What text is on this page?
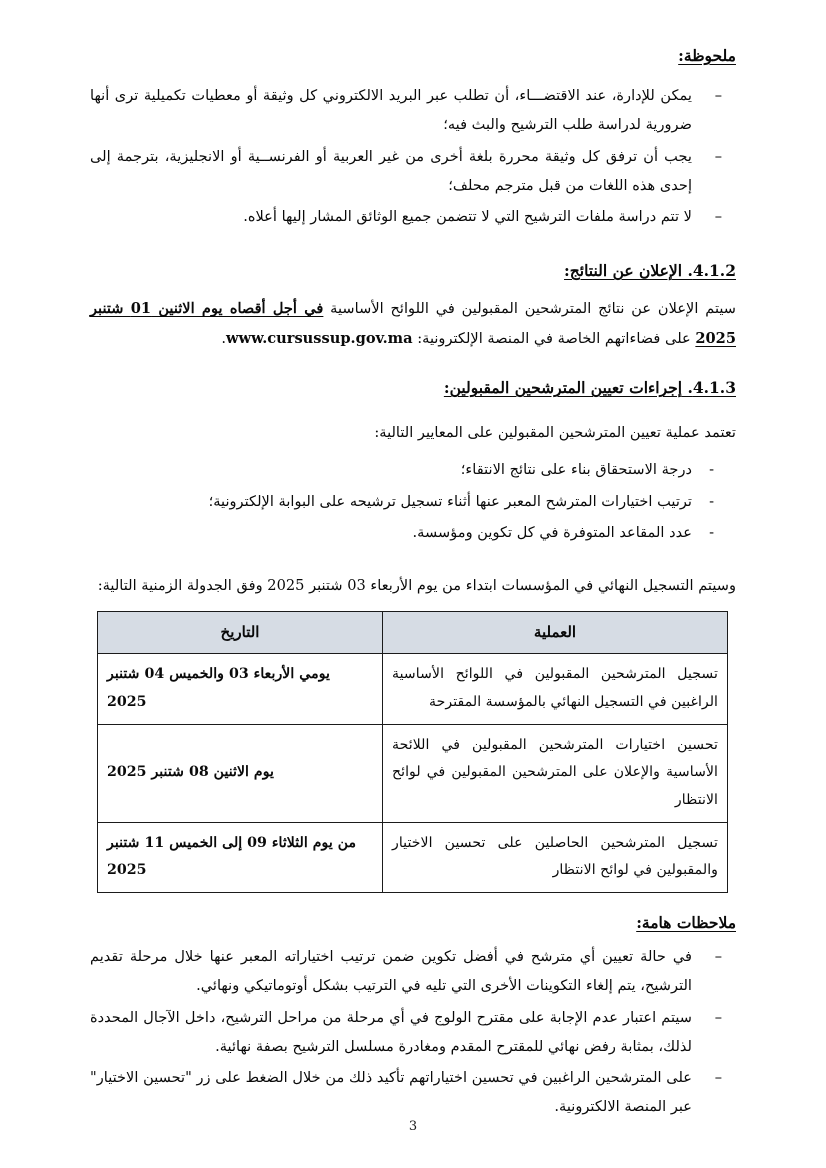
ملحوظة:
– يمكن للإدارة، عند الاقتضـــاء، أن تطلب عبر البريد الالكتروني كل وثيقة أو معطيات تكميلية ترى أنها ضرورية لدراسة طلب الترشيح والبث فيه؛
– يجب أن ترفق كل وثيقة محررة بلغة أخرى من غير العربية أو الفرنســية أو الانجليزية، بترجمة إلى إحدى هذه اللغات من قبل مترجم محلف؛
– لا تتم دراسة ملفات الترشيح التي لا تتضمن جميع الوثائق المشار إليها أعلاه.
4.1.2. الإعلان عن النتائج:

سيتم الإعلان عن نتائج المترشحين المقبولين في اللوائح الأساسية في أجل أقصاه يوم الاثنين 01 شتنبر 2025 على فضاءاتهم الخاصة في المنصة الإلكترونية: www.cursussup.gov.ma.

4.1.3. إجراءات تعيين المترشحين المقبولين:

تعتمد عملية تعيين المترشحين المقبولين على المعايير التالية:

- درجة الاستحقاق بناء على نتائج الانتقاء؛
- ترتيب اختيارات المترشح المعبر عنها أثناء تسجيل ترشيحه على البوابة الإلكترونية؛
- عدد المقاعد المتوفرة في كل تكوين ومؤسسة.

وسيتم التسجيل النهائي في المؤسسات ابتداء من يوم الأربعاء 03 شتنبر 2025 وفق الجدولة الزمنية التالية:

العملية	التاريخ
تسجيل المترشحين المقبولين في اللوائح الأساسية الراغبين في التسجيل النهائي بالمؤسسة المقترحة	يومي الأربعاء 03 والخميس 04 شتنبر 2025
تحسين اختيارات المترشحين المقبولين في اللائحة الأساسية والإعلان على المترشحين المقبولين في لوائح الانتظار	يوم الاثنين 08 شتنبر 2025
تسجيل المترشحين الحاصلين على تحسين الاختيار والمقبولين في لوائح الانتظار	من يوم الثلاثاء 09 إلى الخميس 11 شتنبر 2025
ملاحظات هامة:
– في حالة تعيين أي مترشح في أفضل تكوين ضمن ترتيب اختياراته المعبر عنها خلال مرحلة تقديم الترشيح، يتم إلغاء التكوينات الأخرى التي تليه في الترتيب بشكل أوتوماتيكي ونهائي.
– سيتم اعتبار عدم الإجابة على مقترح الولوج في أي مرحلة من مراحل الترشيح، داخل الآجال المحددة لذلك، بمثابة رفض نهائي للمقترح المقدم ومغادرة مسلسل الترشيح بصفة نهائية.
– على المترشحين الراغبين في تحسين اختياراتهم تأكيد ذلك من خلال الضغط على زر "تحسين الاختيار" عبر المنصة الالكترونية.
3
